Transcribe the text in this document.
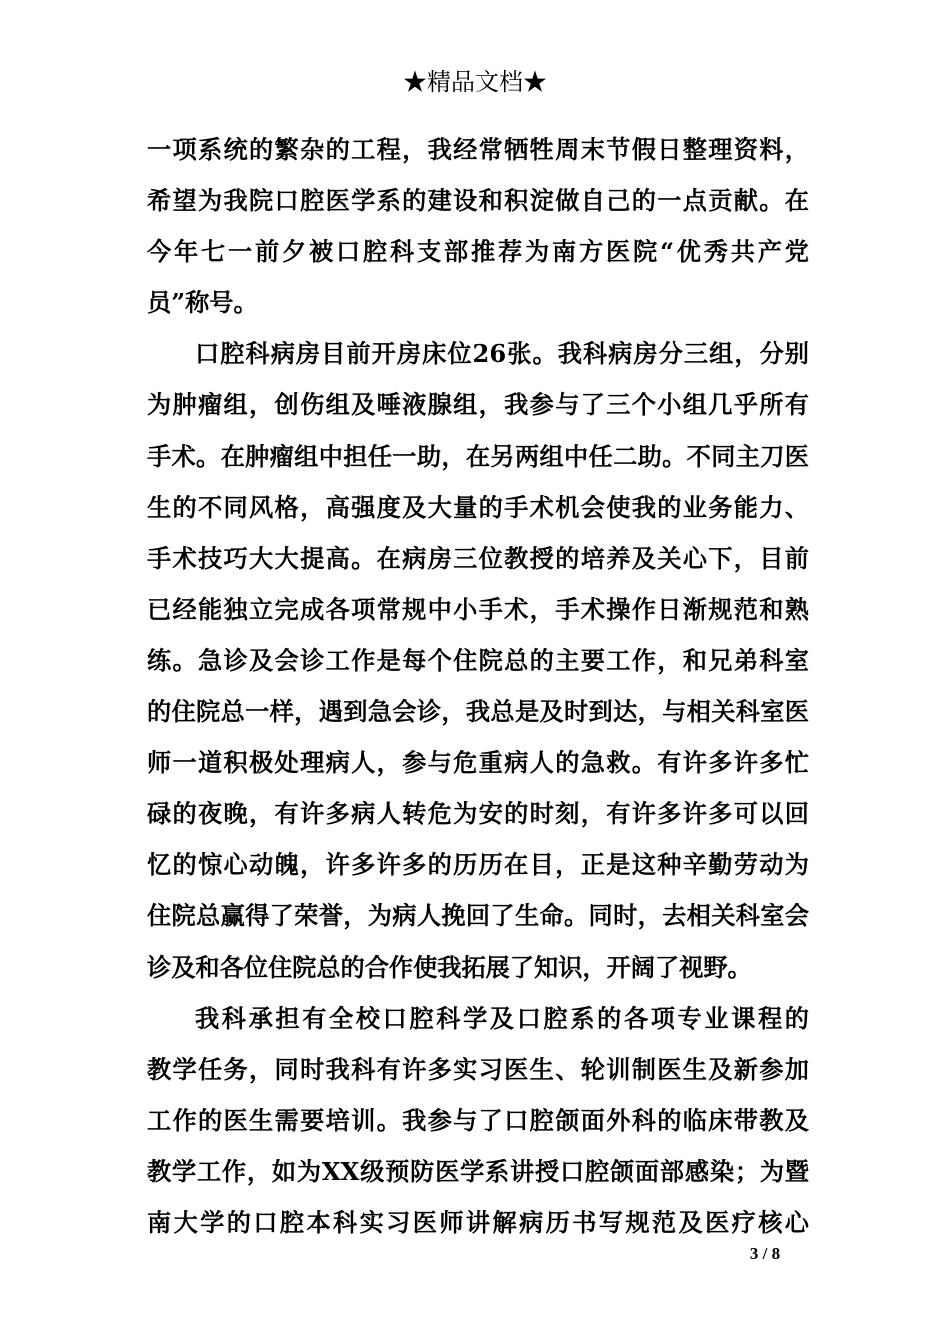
★精品文档★
一项系统的繁杂的工程，我经常牺牲周末节假日整理资料，
希望为我院口腔医学系的建设和积淀做自己的一点贡献。在
今年七一前夕被口腔科支部推荐为南方医院“优秀共产党
员”称号。
口腔科病房目前开房床位26张。我科病房分三组，分别
为肿瘤组，创伤组及唾液腺组，我参与了三个小组几乎所有
手术。在肿瘤组中担任一助，在另两组中任二助。不同主刀医
生的不同风格，高强度及大量的手术机会使我的业务能力、
手术技巧大大提高。在病房三位教授的培养及关心下，目前
已经能独立完成各项常规中小手术，手术操作日渐规范和熟
练。急诊及会诊工作是每个住院总的主要工作，和兄弟科室
的住院总一样，遇到急会诊，我总是及时到达，与相关科室医
师一道积极处理病人，参与危重病人的急救。有许多许多忙
碌的夜晚，有许多病人转危为安的时刻，有许多许多可以回
忆的惊心动魄，许多许多的历历在目，正是这种辛勤劳动为
住院总赢得了荣誉，为病人挽回了生命。同时，去相关科室会
诊及和各位住院总的合作使我拓展了知识，开阔了视野。
我科承担有全校口腔科学及口腔系的各项专业课程的
教学任务，同时我科有许多实习医生、轮训制医生及新参加
工作的医生需要培训。我参与了口腔颌面外科的临床带教及
教学工作，如为XX级预防医学系讲授口腔颌面部感染；为暨
南大学的口腔本科实习医师讲解病历书写规范及医疗核心
3 / 8
